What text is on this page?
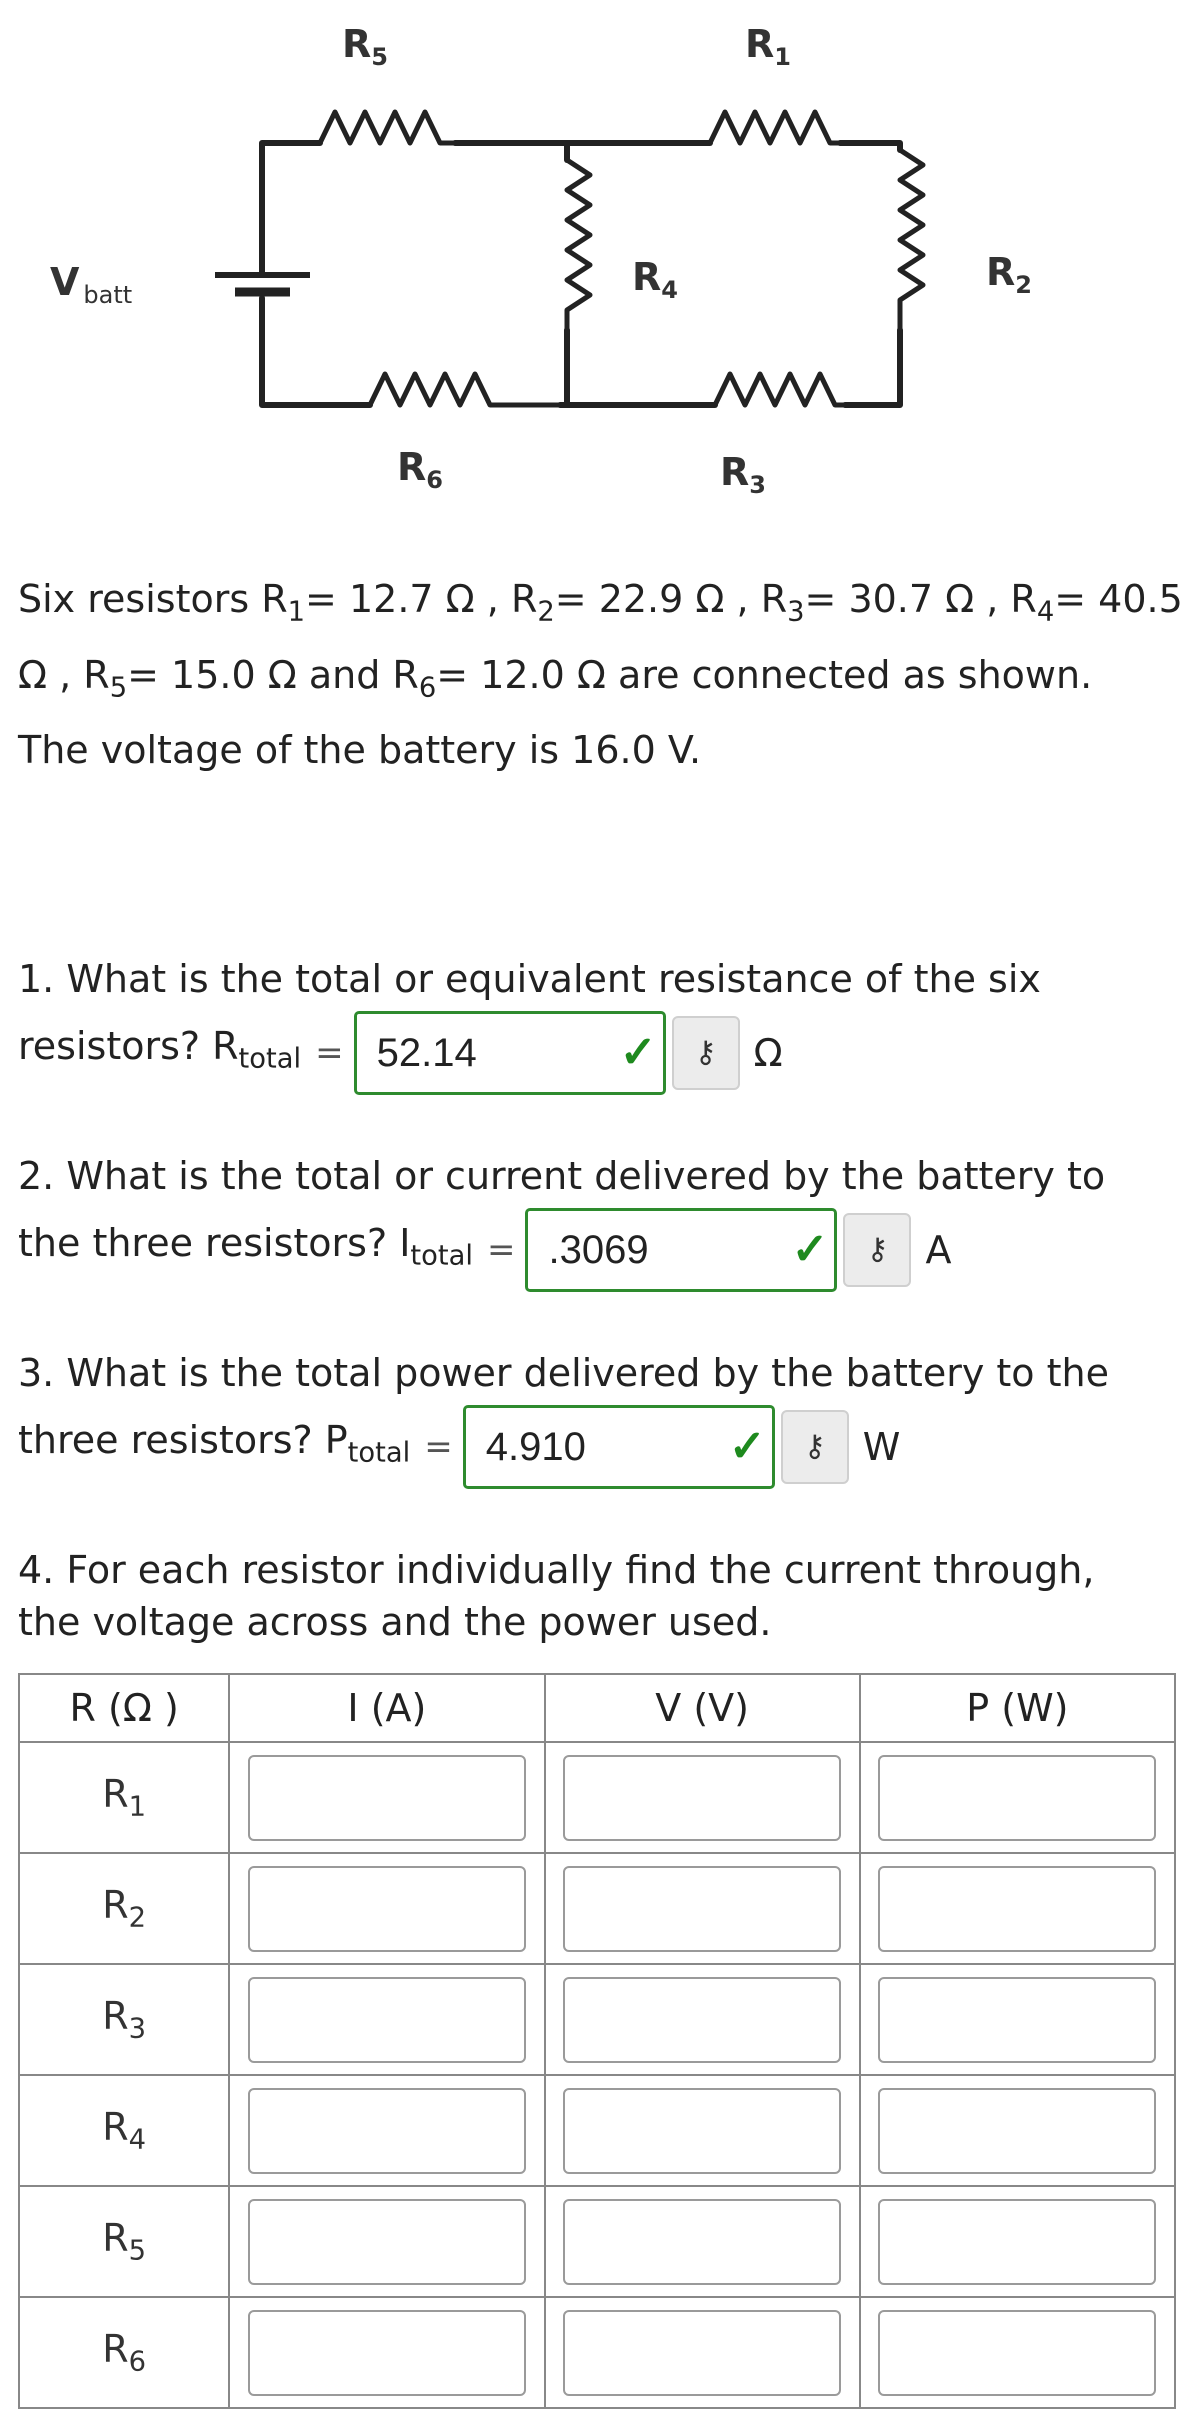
V $_{batt}$
$R_5$	$R_1$
$R_4$	$R_2$
$R_6$	$R_3$
Six resistors $R_1= 12.7$ Ω , $R_2= 22.9$ Ω , $R_3= 30.7$ Ω , $R_4= 40.5$
Ω , $R_5= 15.0$ Ω and $R_6= 12.0$ Ω are connected as shown.
The voltage of the battery is 16.0 V.
1. What is the total or equivalent resistance of the six
resistors? $R_{total} = 52.14$	✓	⚷ Ω
2. What is the total or current delivered by the battery to
the three resistors? $I_{total} = .3069$	✓	⚷ A
3. What is the total power delivered by the battery to the
three resistors? $P_{total} = 4.910$	✓	⚷ W
4. For each resistor individually find the current through,
the voltage across and the power used.
R (Ω )	I (A)	V (V)	P (W)
$R_1$	

$R_2$	

$R_3$	

$R_4$	

$R_5$	

$R_6$	
